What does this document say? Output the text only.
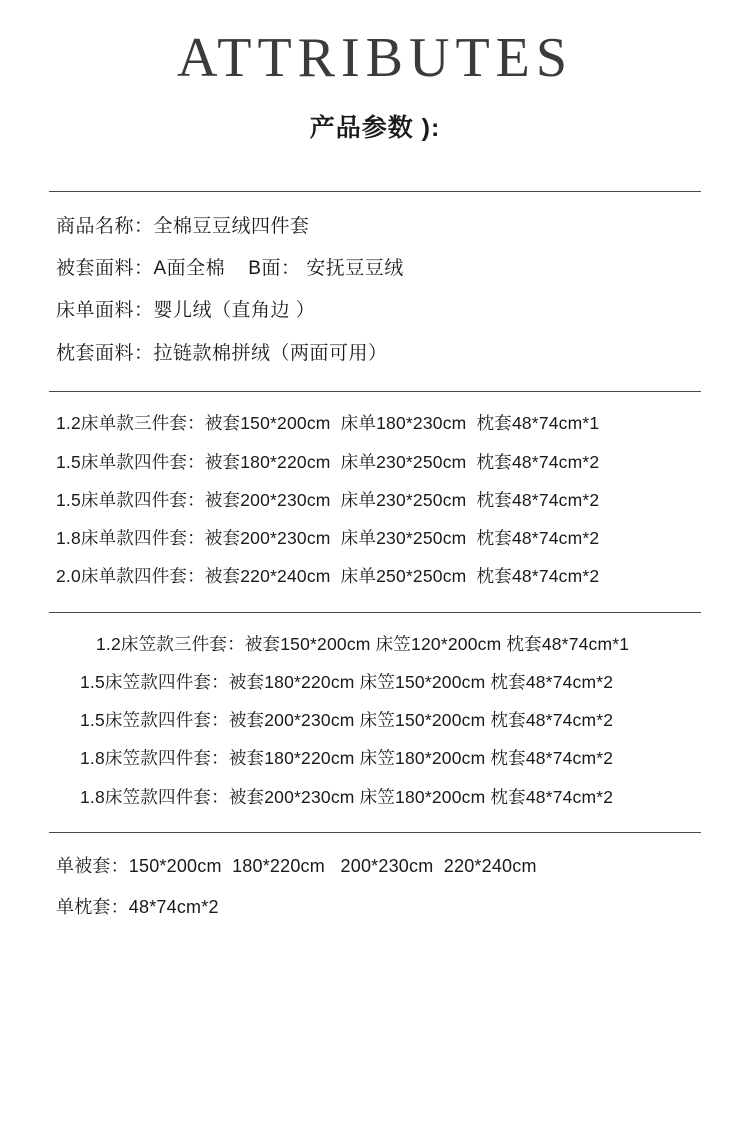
ATTRIBUTES
产品参数 ):

商品名称：全棉豆豆绒四件套

被套面料：A面全棉    B面： 安抚豆豆绒

床单面料：婴儿绒（直角边 ）

枕套面料：拉链款棉拼绒（两面可用）

1.2床单款三件套：被套150*200cm  床单180*230cm  枕套48*74cm*1

1.5床单款四件套：被套180*220cm  床单230*250cm  枕套48*74cm*2

1.5床单款四件套：被套200*230cm  床单230*250cm  枕套48*74cm*2

1.8床单款四件套：被套200*230cm  床单230*250cm  枕套48*74cm*2

2.0床单款四件套：被套220*240cm  床单250*250cm  枕套48*74cm*2

1.2床笠款三件套：被套150*200cm 床笠120*200cm 枕套48*74cm*1

1.5床笠款四件套：被套180*220cm 床笠150*200cm 枕套48*74cm*2

1.5床笠款四件套：被套200*230cm 床笠150*200cm 枕套48*74cm*2

1.8床笠款四件套：被套180*220cm 床笠180*200cm 枕套48*74cm*2

1.8床笠款四件套：被套200*230cm 床笠180*200cm 枕套48*74cm*2

单被套：150*200cm  180*220cm   200*230cm  220*240cm

单枕套：48*74cm*2
